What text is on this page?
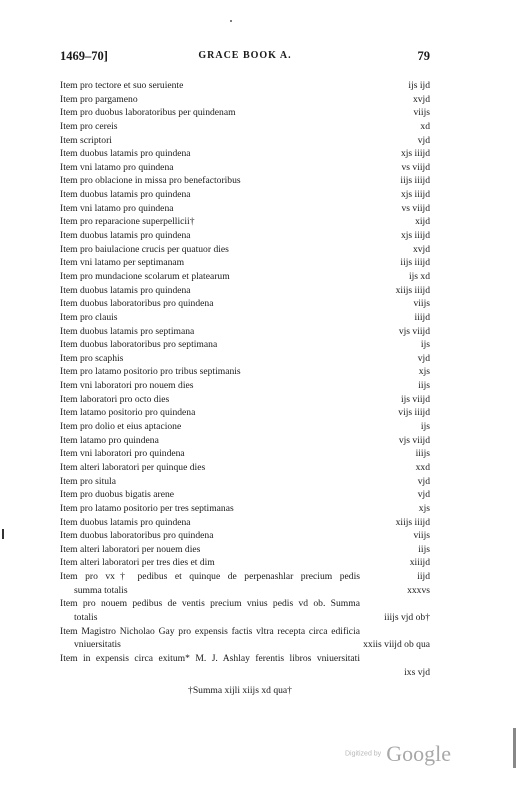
1469–70]	GRACE BOOK A.	79
Item pro tectore et suo seruiente	ijs ijd
Item pro pargameno	xvjd
Item pro duobus laboratoribus per quindenam	viijs
Item pro cereis	xd
Item scriptori	vjd
Item duobus latamis pro quindena	xjs iiijd
Item vni latamo pro quindena	vs viijd
Item pro oblacione in missa pro benefactoribus	iijs iiijd
Item duobus latamis pro quindena	xjs iiijd
Item vni latamo pro quindena	vs viijd
Item pro reparacione superpellicii†	xijd
Item duobus latamis pro quindena	xjs iiijd
Item pro baiulacione crucis per quatuor dies	xvjd
Item vni latamo per septimanam	iijs iiijd
Item pro mundacione scolarum et platearum	ijs xd
Item duobus latamis pro quindena	xiijs iiijd
Item duobus laboratoribus pro quindena	viijs
Item pro clauis	iiijd
Item duobus latamis pro septimana	vjs viijd
Item duobus laboratoribus pro septimana	ijs
Item pro scaphis	vjd
Item pro latamo positorio pro tribus septimanis	xjs
Item vni laboratori pro nouem dies	iijs
Item laboratori pro octo dies	ijs viijd
Item latamo positorio pro quindena	vijs iiijd
Item pro dolio et eius aptacione	ijs
Item latamo pro quindena	vjs viijd
Item vni laboratori pro quindena	iiijs
Item alteri laboratori per quinque dies	xxd
Item pro situla	vjd
Item pro duobus bigatis arene	vjd
Item pro latamo positorio per tres septimanas	xjs
Item duobus latamis pro quindena	xiijs iiijd
Item duobus laboratoribus pro quindena	viijs
Item alteri laboratori per nouem dies	iijs
Item alteri laboratori per tres dies et dim	xiiijd
Item pro vx† pedibus et quinque de perpenashlar precium pedis	iijd
summa totalis	xxxvs
Item pro nouem pedibus de ventis precium vnius pedis vd ob. Summa
totalis	iiijs vjd ob†
Item Magistro Nicholao Gay pro expensis factis vltra recepta circa edificia
vniuersitatis	xxiis viijd ob qua
Item in expensis circa exitum* M. J. Ashlay ferentis libros vniuersitati
ixs vjd
†Summa xijli xiijs xd qua†
Digitized by Google
